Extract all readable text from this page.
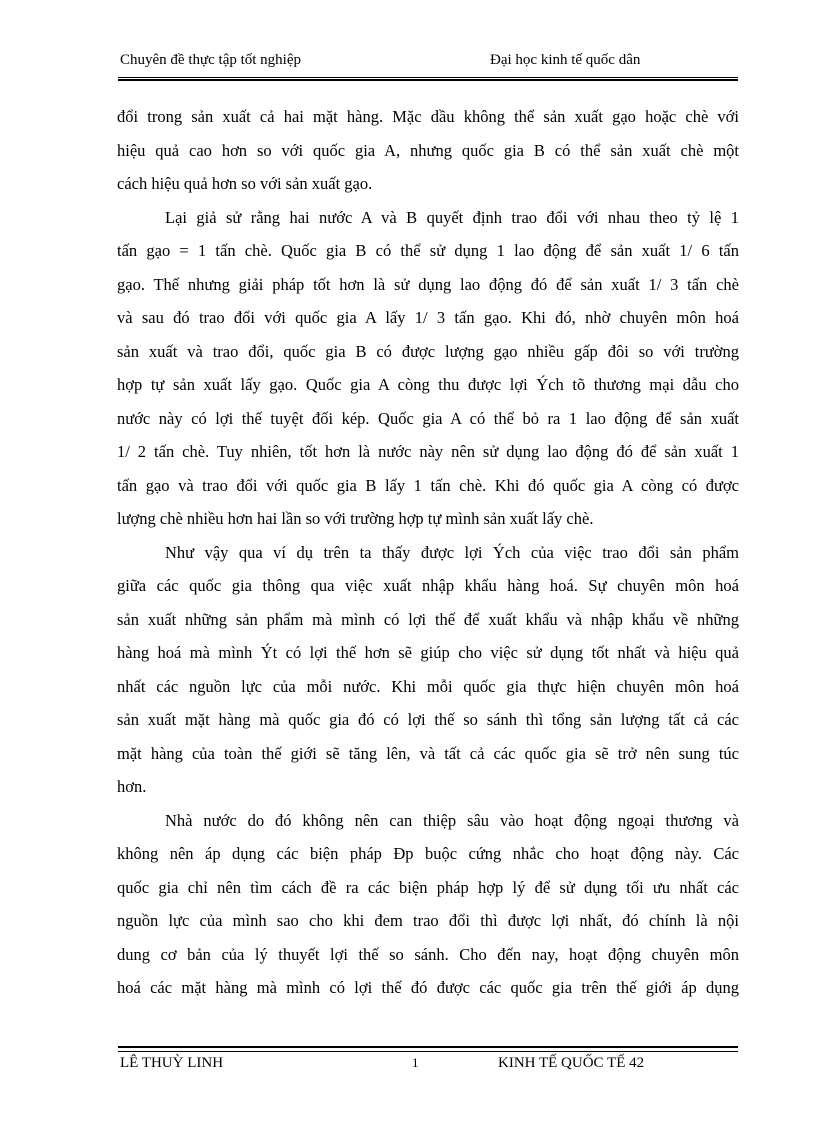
Chuyên đề thực tập tốt nghiệp	Đại học kinh tế quốc dân
đổi trong sản xuất cả hai mặt hàng. Mặc dầu không thể sản xuất gạo hoặc chè với
hiệu quả cao hơn so với quốc gia A, nhưng quốc gia B có thể sản xuất chè một
cách hiệu quả hơn so với sản xuất gạo.
Lại giả sử rằng hai nước A và B quyết định trao đổi với nhau theo tỷ lệ 1
tấn gạo = 1 tấn chè. Quốc gia B có thể sử dụng 1 lao động để sản xuất 1/ 6 tấn
gạo. Thế nhưng giải pháp tốt hơn là sử dụng lao động đó để sản xuất 1/ 3 tấn chè
và sau đó trao đổi với quốc gia A lấy 1/ 3 tấn gạo. Khi đó, nhờ chuyên môn hoá
sản xuất và trao đổi, quốc gia B có được lượng gạo nhiều gấp đôi so với trường
hợp tự sản xuất lấy gạo. Quốc gia A còng thu được lợi Ých tõ thương mại dẫu cho
nước này có lợi thế tuyệt đối kép. Quốc gia A có thể bỏ ra 1 lao động để sản xuất
1/ 2 tấn chè. Tuy nhiên, tốt hơn là nước này nên sử dụng lao động đó để sản xuất 1
tấn gạo và trao đổi với quốc gia B lấy 1 tấn chè. Khi đó quốc gia A còng có được
lượng chè nhiều hơn hai lần so với trường hợp tự mình sản xuất lấy chè.
Như vậy qua ví dụ trên ta thấy được lợi Ých của việc trao đổi sản phẩm
giữa các quốc gia thông qua việc xuất nhập khẩu hàng hoá. Sự chuyên môn hoá
sản xuất những sản phẩm mà mình có lợi thế để xuất khẩu và nhập khẩu về những
hàng hoá mà mình Ýt có lợi thế hơn sẽ giúp cho việc sử dụng tốt nhất và hiệu quả
nhất các nguồn lực của mỗi nước. Khi mỗi quốc gia thực hiện chuyên môn hoá
sản xuất mặt hàng mà quốc gia đó có lợi thế so sánh thì tổng sản lượng tất cả các
mặt hàng của toàn thế giới sẽ tăng lên, và tất cả các quốc gia sẽ trở nên sung túc
hơn.
Nhà nước do đó không nên can thiệp sâu vào hoạt động ngoại thương và
không nên áp dụng các biện pháp Ðp buộc cứng nhắc cho hoạt động này. Các
quốc gia chỉ nên tìm cách đề ra các biện pháp hợp lý để sử dụng tối ưu nhất các
nguồn lực của mình sao cho khi đem trao đổi thì được lợi nhất, đó chính là nội
dung cơ bản của lý thuyết lợi thế so sánh. Cho đến nay, hoạt động chuyên môn
hoá các mặt hàng mà mình có lợi thế đó được các quốc gia trên thế giới áp dụng
LÊ THUỲ LINH	1	KINH TẾ QUỐC TẾ 42
